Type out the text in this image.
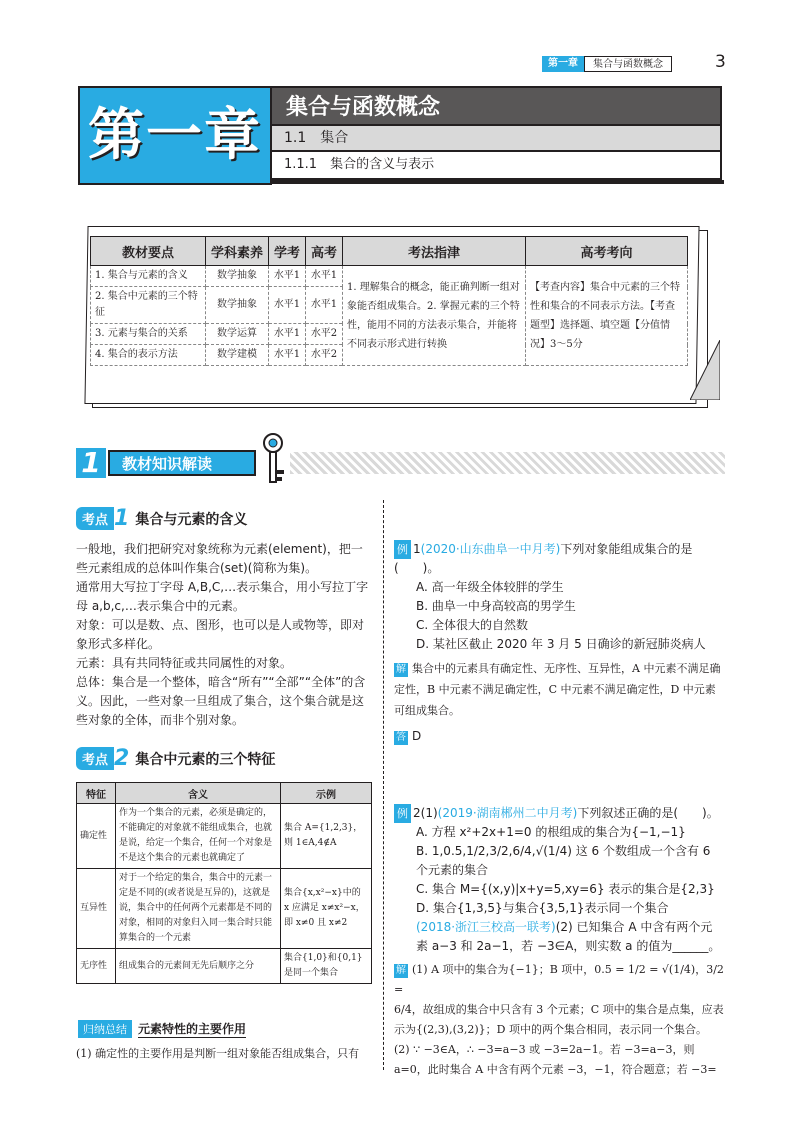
第一章	集合与函数概念	3
第一章	集合与函数概念
1.1　集合
1.1.1　集合的含义与表示
教材要点	学科素养	学考	高考	考法指津	高考考向
1. 集合与元素的含义	数学抽象	水平1	水平1	1. 理解集合的概念，能正确判断一组对象能否组成集合。2. 掌握元素的三个特性，能用不同的方法表示集合，并能将不同表示形式进行转换	【考查内容】集合中元素的三个特性和集合的不同表示方法。【考查题型】选择题、填空题【分值情况】3～5分
2. 集合中元素的三个特征	数学抽象	水平1	水平1		
3. 元素与集合的关系	数学运算	水平1	水平2		
4. 集合的表示方法	数学建模	水平1	水平2		
1	教材知识解读
考点 1 集合与元素的含义
一般地，我们把研究对象统称为元素(element)，把一些元素组成的总体叫作集合(set)(简称为集)。
通常用大写拉丁字母 A,B,C,…表示集合，用小写拉丁字母 a,b,c,…表示集合中的元素。
对象：可以是数、点、图形，也可以是人或物等，即对象形式多样化。
元素：具有共同特征或共同属性的对象。
总体：集合是一个整体，暗含“所有”“全部”“全体”的含义。因此，一些对象一旦组成了集合，这个集合就是这些对象的全体，而非个别对象。
考点 2 集合中元素的三个特征
特征	含义	示例
确定性	作为一个集合的元素，必须是确定的，不能确定的对象就不能组成集合，也就是说，给定一个集合，任何一个对象是不是这个集合的元素也就确定了	集合 A={1,2,3}，则 1∈A,4∉A
互异性	对于一个给定的集合，集合中的元素一定是不同的(或者说是互异的)，这就是说，集合中的任何两个元素都是不同的对象，相同的对象归入同一集合时只能算集合的一个元素	集合{x,x²−x}中的 x 应满足 x≠x²−x，即 x≠0 且 x≠2
无序性	组成集合的元素间无先后顺序之分	集合{1,0}和{0,1}是同一个集合
归纳总结 元素特性的主要作用
(1) 确定性的主要作用是判断一组对象能否组成集合，只有
例 1(2020·山东曲阜一中月考)下列对象能组成集合的是(　　)。
A. 高一年级全体较胖的学生
B. 曲阜一中身高较高的男学生
C. 全体很大的自然数
D. 某社区截止 2020 年 3 月 5 日确诊的新冠肺炎病人
解 集合中的元素具有确定性、无序性、互异性，A 中元素不满足确定性，B 中元素不满足确定性，C 中元素不满足确定性，D 中元素可组成集合。
答 D
例 2(1)(2019·湖南郴州二中月考)下列叙述正确的是(　　)。
A. 方程 x²+2x+1=0 的根组成的集合为{−1,−1}
B. 1,0.5,1/2,3/2,6/4,√(1/4) 这 6 个数组成一个含有 6 个元素的集合
C. 集合 M={(x,y)|x+y=5,xy=6} 表示的集合是{2,3}
D. 集合{1,3,5}与集合{3,5,1}表示同一个集合
(2018·浙江三校高一联考)(2) 已知集合 A 中含有两个元素 a−3 和 2a−1，若 −3∈A，则实数 a 的值为______。
解 (1) A 项中的集合为{−1}；B 项中，0.5 = 1/2 = √(1/4)，3/2 =
6/4，故组成的集合中只含有 3 个元素；C 项中的集合是点集，应表示为{(2,3),(3,2)}；D 项中的两个集合相同，表示同一个集合。
(2) ∵ −3∈A，∴ −3=a−3 或 −3=2a−1。若 −3=a−3，则 a=0，此时集合 A 中含有两个元素 −3，−1，符合题意；若 −3=
